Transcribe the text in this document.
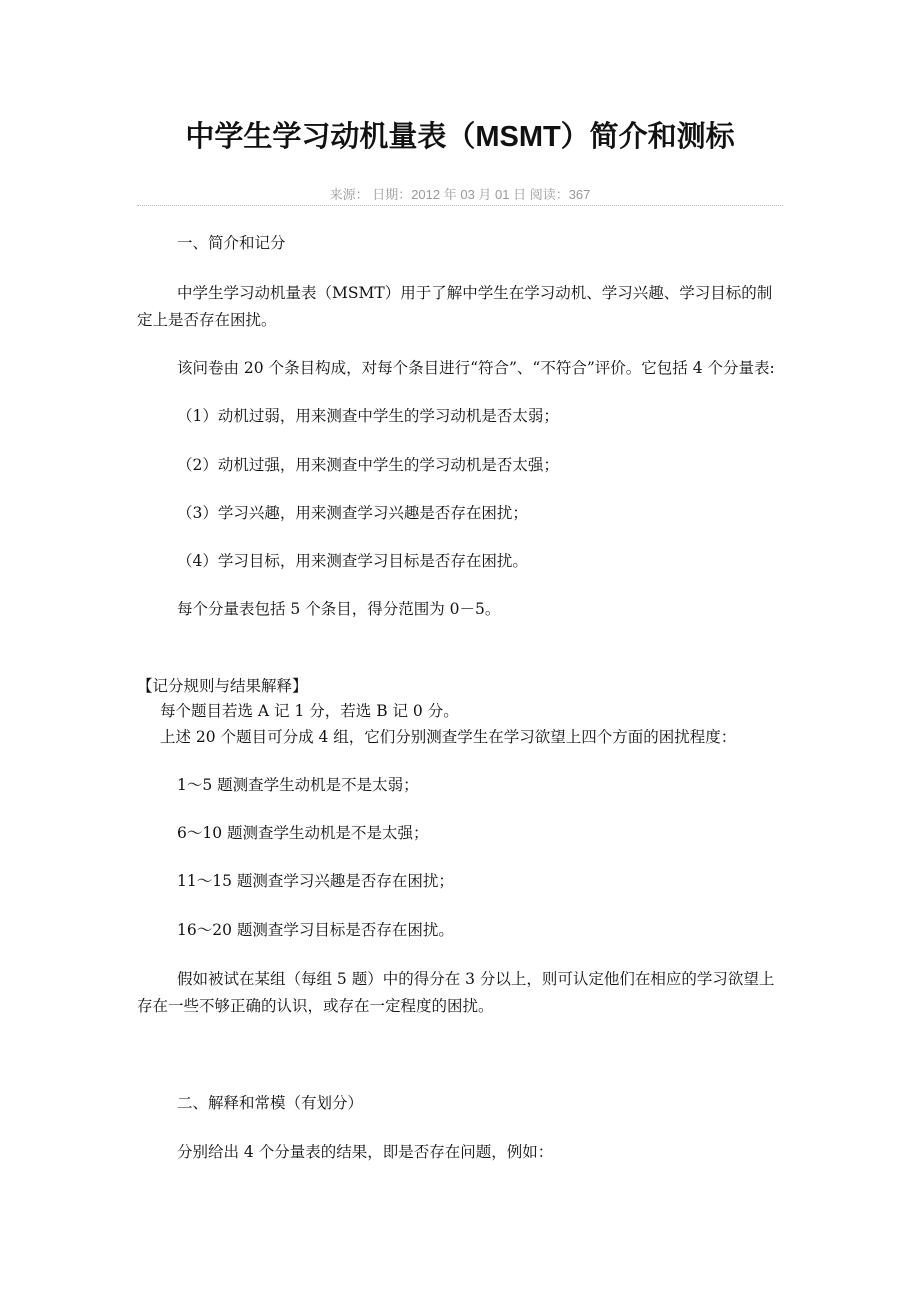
中学生学习动机量表（MSMT）简介和测标
来源： 日期：2012 年 03 月 01 日 阅读：367
一、简介和记分
中学生学习动机量表（MSMT）用于了解中学生在学习动机、学习兴趣、学习目标的制定上是否存在困扰。
该问卷由 20 个条目构成，对每个条目进行“符合”、“不符合”评价。它包括 4 个分量表:
（1）动机过弱，用来测查中学生的学习动机是否太弱；
（2）动机过强，用来测查中学生的学习动机是否太强；
（3）学习兴趣，用来测查学习兴趣是否存在困扰；
（4）学习目标，用来测查学习目标是否存在困扰。
每个分量表包括 5 个条目，得分范围为 0－5。
【记分规则与结果解释】
每个题目若选 A 记 1 分，若选 B 记 0 分。
上述 20 个题目可分成 4 组，它们分别测查学生在学习欲望上四个方面的困扰程度：
1～5 题测查学生动机是不是太弱；
6～10 题测查学生动机是不是太强；
11～15 题测查学习兴趣是否存在困扰；
16～20 题测查学习目标是否存在困扰。
假如被试在某组（每组 5 题）中的得分在 3 分以上，则可认定他们在相应的学习欲望上存在一些不够正确的认识，或存在一定程度的困扰。
二、解释和常模（有划分）
分别给出 4 个分量表的结果，即是否存在问题，例如：
